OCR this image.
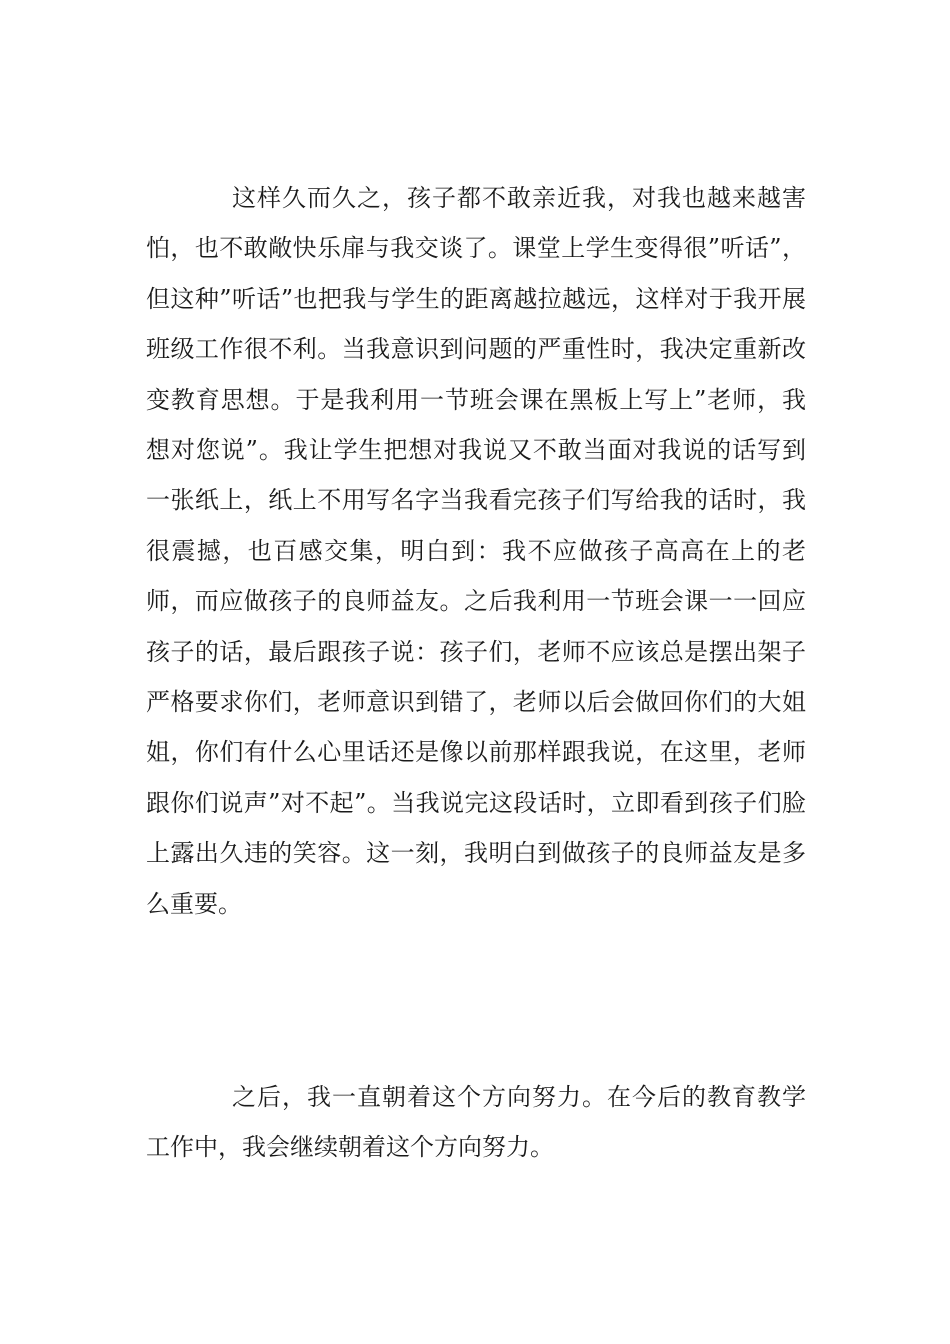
这样久而久之，孩子都不敢亲近我，对我也越来越害怕，也不敢敞快乐扉与我交谈了。课堂上学生变得很”听话”，但这种”听话”也把我与学生的距离越拉越远，这样对于我开展班级工作很不利。当我意识到问题的严重性时，我决定重新改变教育思想。于是我利用一节班会课在黑板上写上”老师，我想对您说”。我让学生把想对我说又不敢当面对我说的话写到一张纸上，纸上不用写名字当我看完孩子们写给我的话时，我很震撼，也百感交集，明白到：我不应做孩子高高在上的老师，而应做孩子的良师益友。之后我利用一节班会课一一回应孩子的话，最后跟孩子说：孩子们，老师不应该总是摆出架子严格要求你们，老师意识到错了，老师以后会做回你们的大姐姐，你们有什么心里话还是像以前那样跟我说，在这里，老师跟你们说声”对不起”。当我说完这段话时，立即看到孩子们脸上露出久违的笑容。这一刻，我明白到做孩子的良师益友是多么重要。

之后，我一直朝着这个方向努力。在今后的教育教学工作中，我会继续朝着这个方向努力。
